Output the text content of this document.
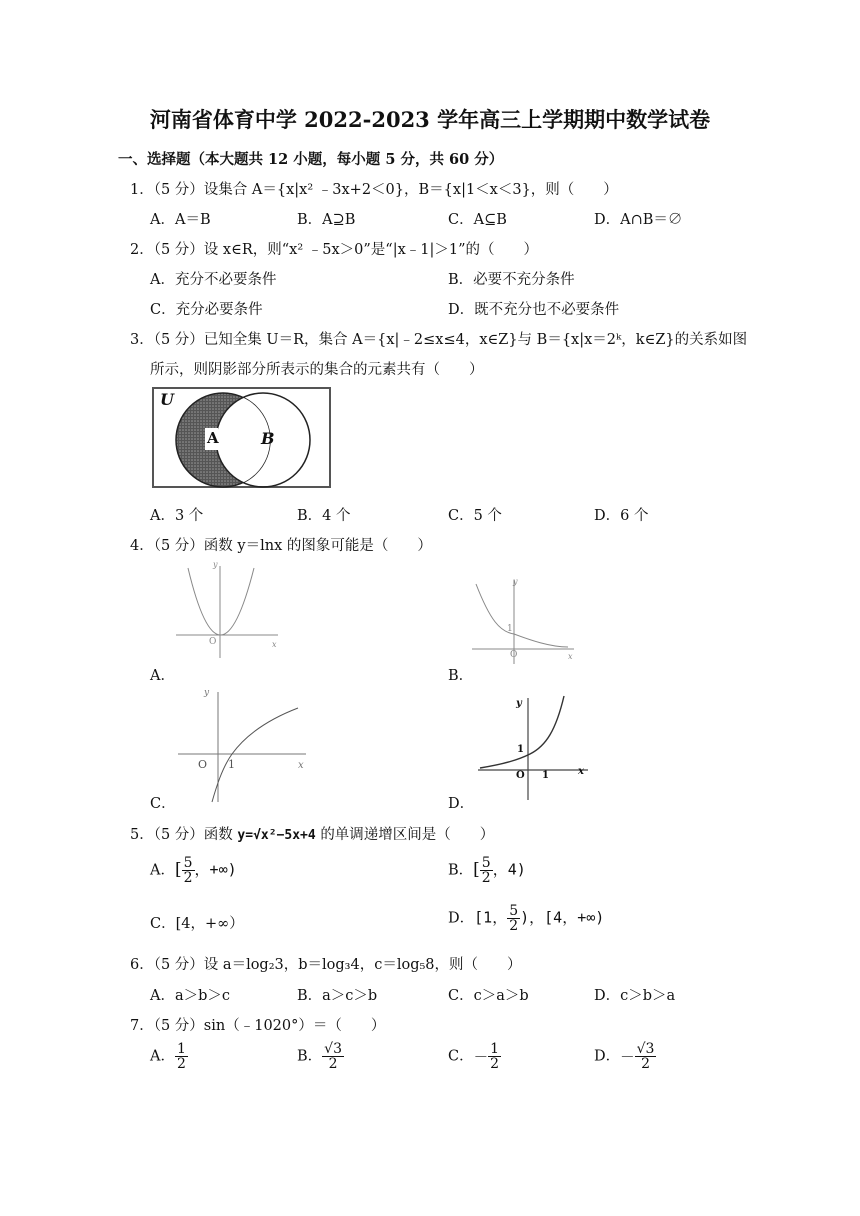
河南省体育中学 2022-2023 学年高三上学期期中数学试卷
一、选择题（本大题共 12 小题，每小题 5 分，共 60 分）
1．（5 分）设集合 A＝{x|x² ﹣3x+2＜0}，B＝{x|1＜x＜3}，则（　　）
A．A＝B	B．A⊇B	C．A⊆B	D．A∩B＝∅
2．（5 分）设 x∈R，则“x² ﹣5x＞0”是“|x﹣1|＞1”的（　　）
A．充分不必要条件	B．必要不充分条件
C．充分必要条件	D．既不充分也不必要条件
3．（5 分）已知全集 U＝R，集合 A＝{x|﹣2≤x≤4，x∈Z}与 B＝{x|x＝2ᵏ，k∈Z}的关系如图
所示，则阴影部分所表示的集合的元素共有（　　）
U
A	B
A．3 个	B．4 个	C．5 个	D．6 个
4．（5 分）函数 y＝lnx 的图象可能是（　　）
y
O	x
A．
y
1
O	x
B．
y
O 1	x
C．
y
1
O 1	x
D．
5．（5 分）函数 y=√x²−5x+4 的单调递增区间是（　　）
A．[ $\frac{5}{2}$ ，+∞)	B．[ $\frac{5}{2}$ ，4)
C．[4，+∞）	D．[1， $\frac{5}{2}$ )，[4，+∞)
6．（5 分）设 a＝log₂3，b＝log₃4，c＝log₅8，则（　　）
A．a＞b＞c	B．a＞c＞b	C．c＞a＞b	D．c＞b＞a
7．（5 分）sin（﹣1020°）＝（　　）
A． $\frac{1}{2}$	B． $\frac{√3}{2}$	C．－ $\frac{1}{2}$	D．－ $\frac{√3}{2}$
